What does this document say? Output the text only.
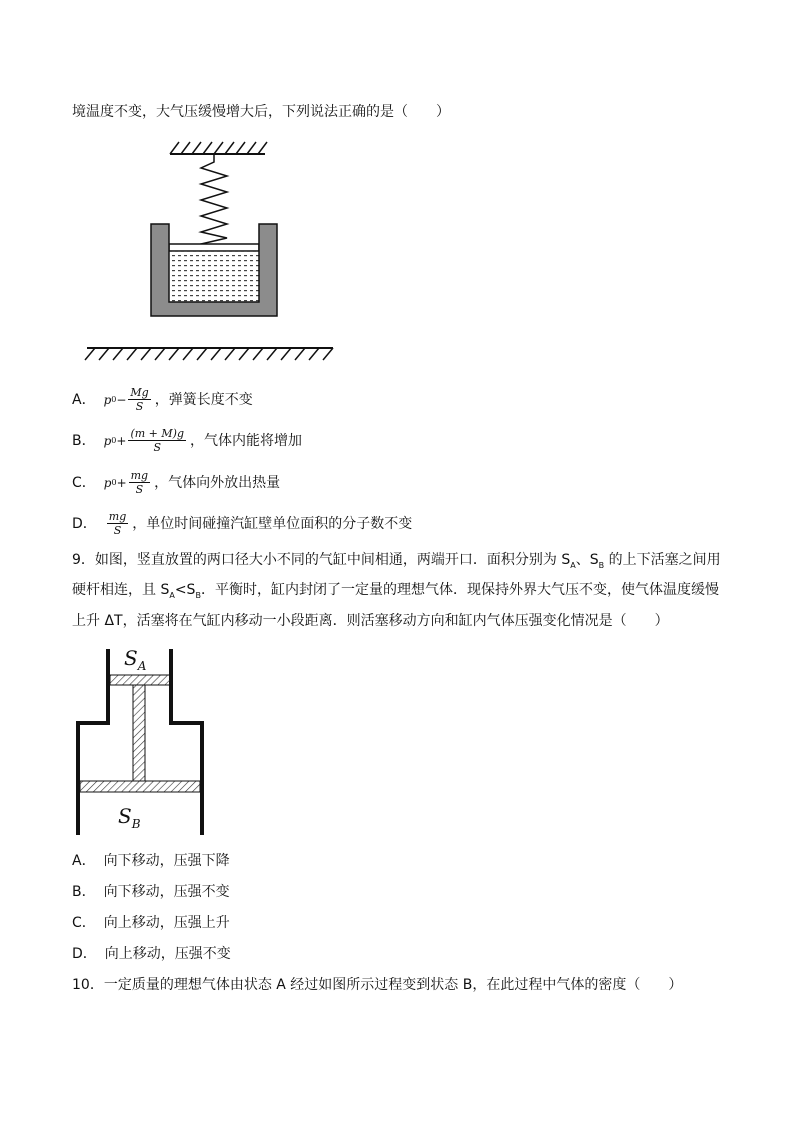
境温度不变，大气压缓慢增大后，下列说法正确的是（　　）
A． p $0 - \frac{Mg}{S}$ ，弹簧长度不变
B． p $0 + \frac{(m + M)g}{S}$ ，气体内能将增加
C． p $0 + \frac{mg}{S}$ ，气体向外放出热量
D． $\frac{mg}{S}$ ，单位时间碰撞汽缸壁单位面积的分子数不变
9．如图，竖直放置的两口径大小不同的气缸中间相通，两端开口．面积分别为 $S_A$、$S_B$ 的上下活塞之间用
硬杆相连，且 $S_A<S_B$．平衡时，缸内封闭了一定量的理想气体．现保持外界大气压不变，使气体温度缓慢
上升 ΔT，活塞将在气缸内移动一小段距离．则活塞移动方向和缸内气体压强变化情况是（　　）
$S_A$
$S_B$
A． 向下移动，压强下降
B． 向下移动，压强不变
C． 向上移动，压强上升
D． 向上移动，压强不变
10．一定质量的理想气体由状态 A 经过如图所示过程变到状态 B，在此过程中气体的密度（　　）
